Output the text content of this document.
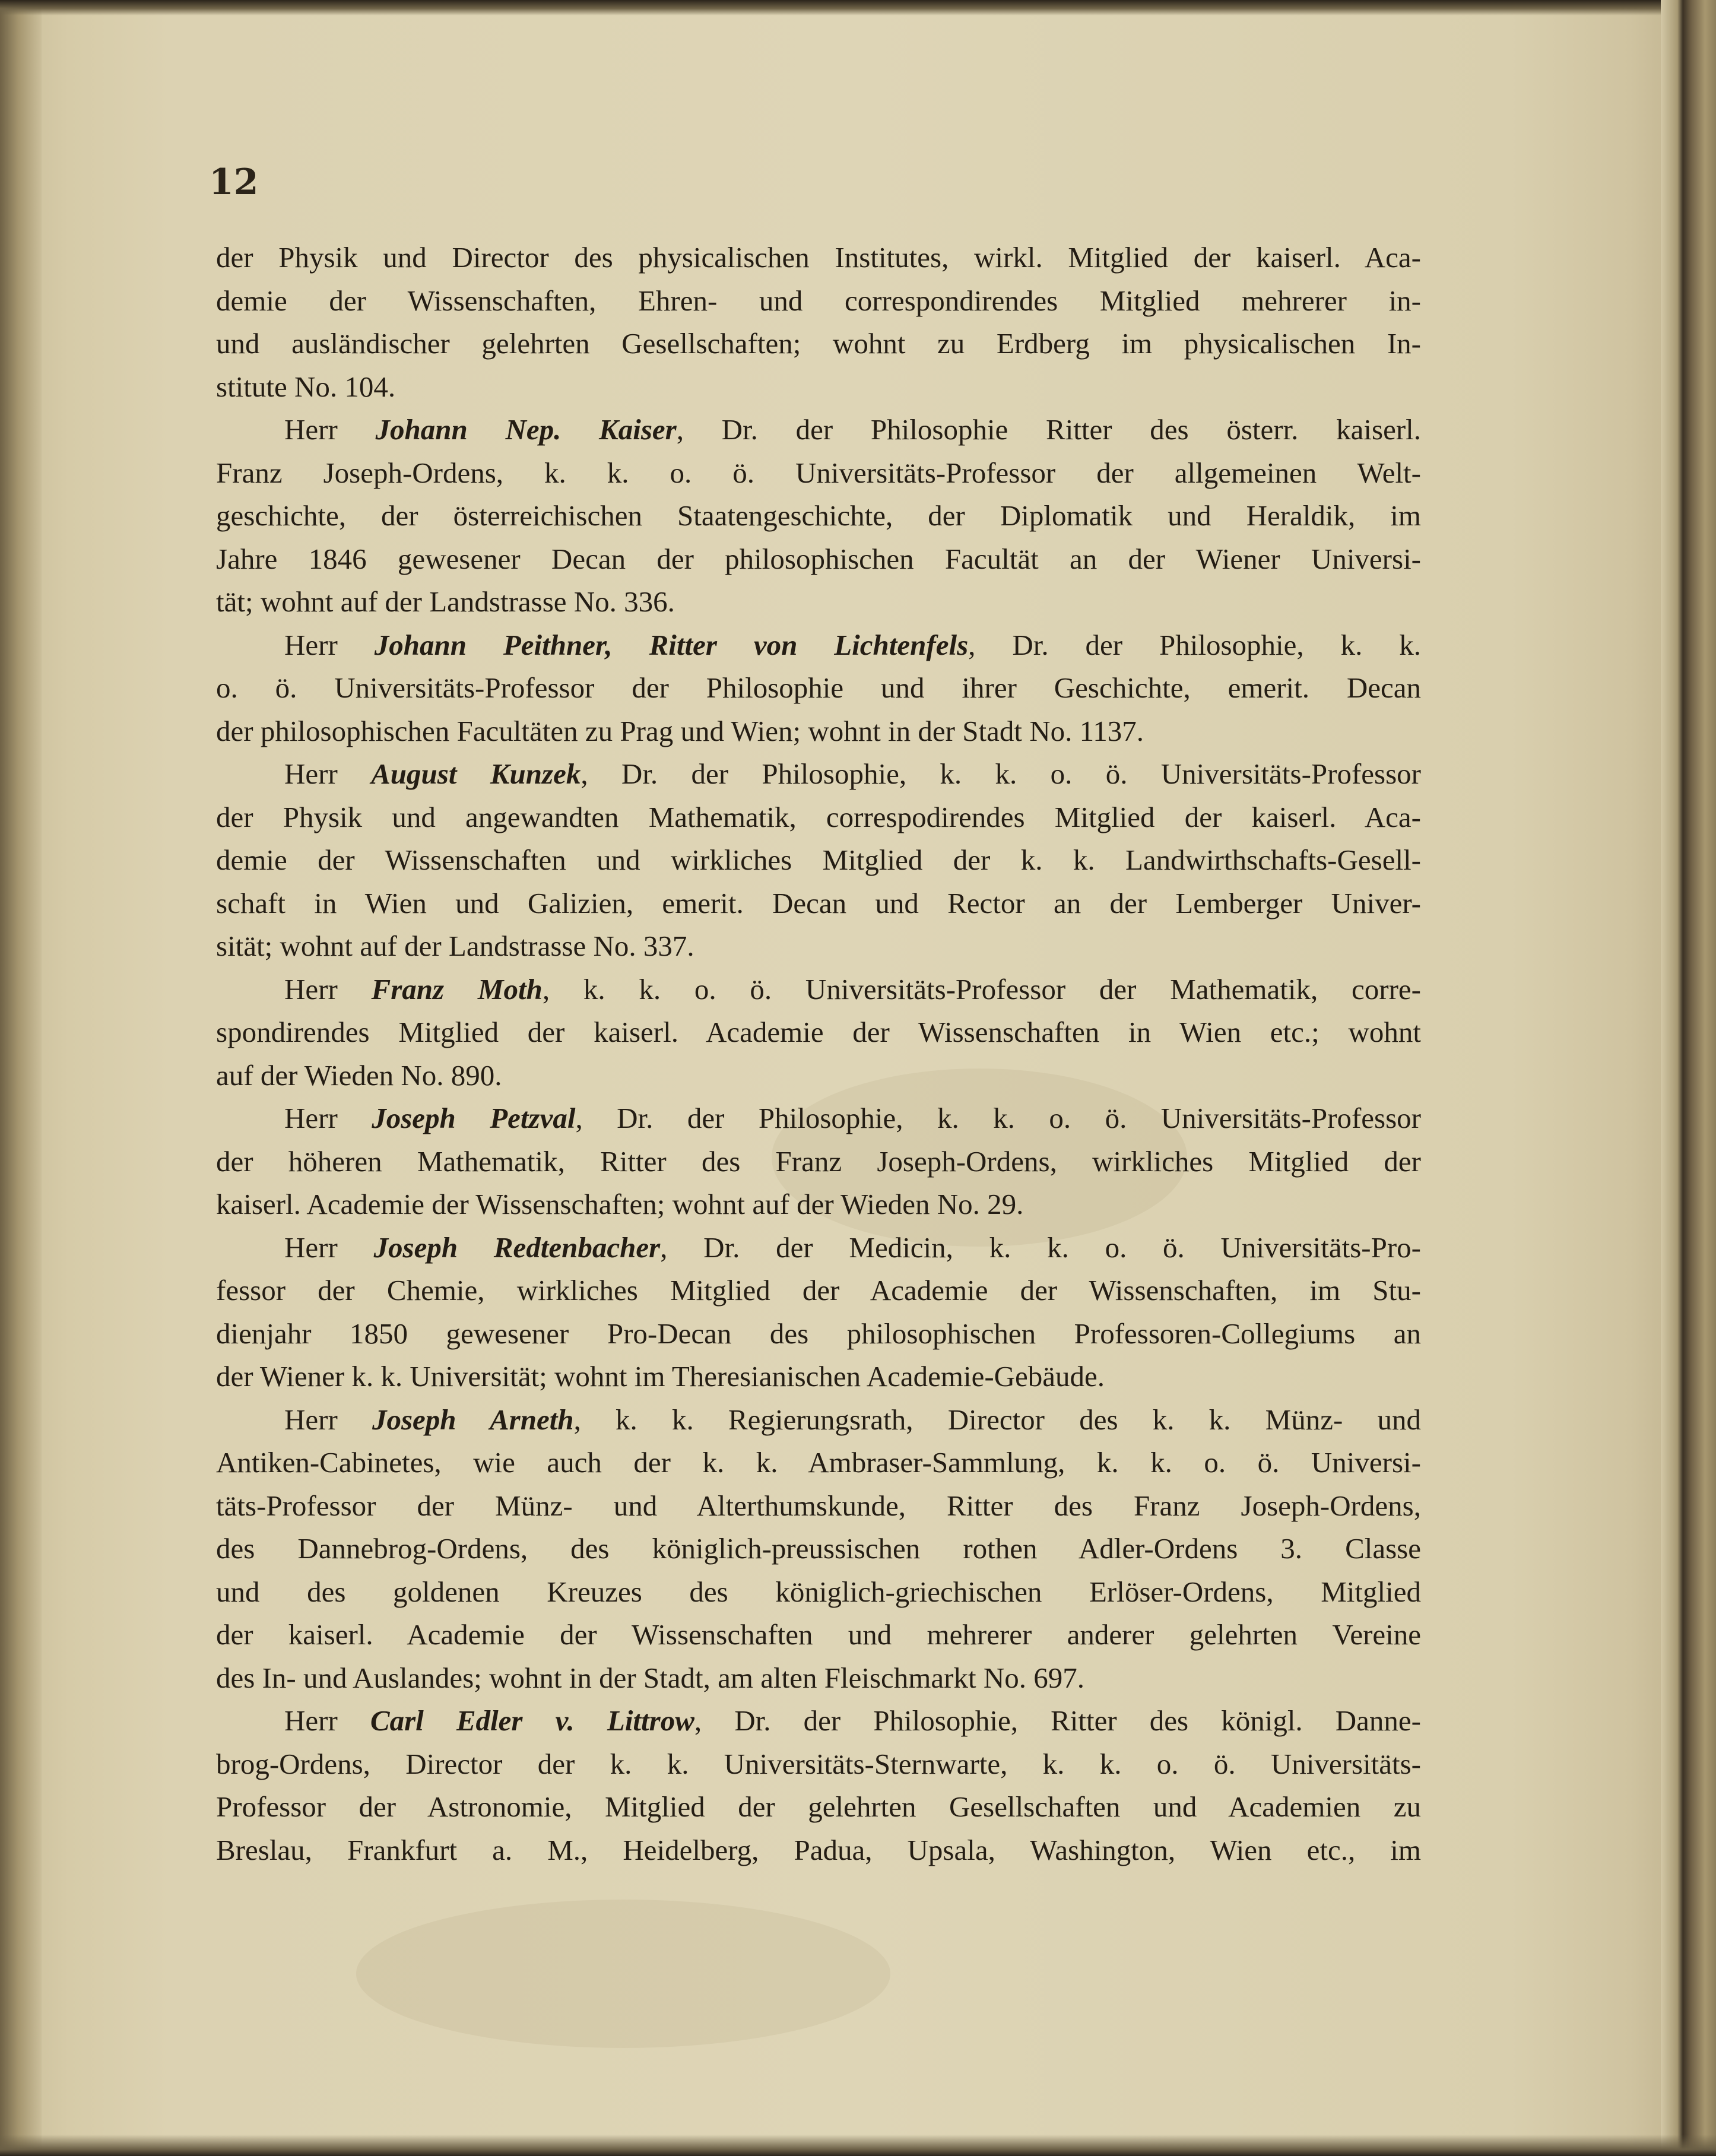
12
der Physik und Director des physicalischen Institutes, wirkl. Mitglied der kaiserl. Aca-
demie der Wissenschaften, Ehren- und correspondirendes Mitglied mehrerer in-
und ausländischer gelehrten Gesellschaften; wohnt zu Erdberg im physicalischen In-
stitute No. 104.
Herr Johann Nep. Kaiser, Dr. der Philosophie Ritter des österr. kaiserl.
Franz Joseph-Ordens, k. k. o. ö. Universitäts-Professor der allgemeinen Welt-
geschichte, der österreichischen Staatengeschichte, der Diplomatik und Heraldik, im
Jahre 1846 gewesener Decan der philosophischen Facultät an der Wiener Universi-
tät; wohnt auf der Landstrasse No. 336.
Herr Johann Peithner, Ritter von Lichtenfels, Dr. der Philosophie, k. k.
o. ö. Universitäts-Professor der Philosophie und ihrer Geschichte, emerit. Decan
der philosophischen Facultäten zu Prag und Wien; wohnt in der Stadt No. 1137.
Herr August Kunzek, Dr. der Philosophie, k. k. o. ö. Universitäts-Professor
der Physik und angewandten Mathematik, correspodirendes Mitglied der kaiserl. Aca-
demie der Wissenschaften und wirkliches Mitglied der k. k. Landwirthschafts-Gesell-
schaft in Wien und Galizien, emerit. Decan und Rector an der Lemberger Univer-
sität; wohnt auf der Landstrasse No. 337.
Herr Franz Moth, k. k. o. ö. Universitäts-Professor der Mathematik, corre-
spondirendes Mitglied der kaiserl. Academie der Wissenschaften in Wien etc.; wohnt
auf der Wieden No. 890.
Herr Joseph Petzval, Dr. der Philosophie, k. k. o. ö. Universitäts-Professor
der höheren Mathematik, Ritter des Franz Joseph-Ordens, wirkliches Mitglied der
kaiserl. Academie der Wissenschaften; wohnt auf der Wieden No. 29.
Herr Joseph Redtenbacher, Dr. der Medicin, k. k. o. ö. Universitäts-Pro-
fessor der Chemie, wirkliches Mitglied der Academie der Wissenschaften, im Stu-
dienjahr 1850 gewesener Pro-Decan des philosophischen Professoren-Collegiums an
der Wiener k. k. Universität; wohnt im Theresianischen Academie-Gebäude.
Herr Joseph Arneth, k. k. Regierungsrath, Director des k. k. Münz- und
Antiken-Cabinetes, wie auch der k. k. Ambraser-Sammlung, k. k. o. ö. Universi-
täts-Professor der Münz- und Alterthumskunde, Ritter des Franz Joseph-Ordens,
des Dannebrog-Ordens, des königlich-preussischen rothen Adler-Ordens 3. Classe
und des goldenen Kreuzes des königlich-griechischen Erlöser-Ordens, Mitglied
der kaiserl. Academie der Wissenschaften und mehrerer anderer gelehrten Vereine
des In- und Auslandes; wohnt in der Stadt, am alten Fleischmarkt No. 697.
Herr Carl Edler v. Littrow, Dr. der Philosophie, Ritter des königl. Danne-
brog-Ordens, Director der k. k. Universitäts-Sternwarte, k. k. o. ö. Universitäts-
Professor der Astronomie, Mitglied der gelehrten Gesellschaften und Academien zu
Breslau, Frankfurt a. M., Heidelberg, Padua, Upsala, Washington, Wien etc., im
